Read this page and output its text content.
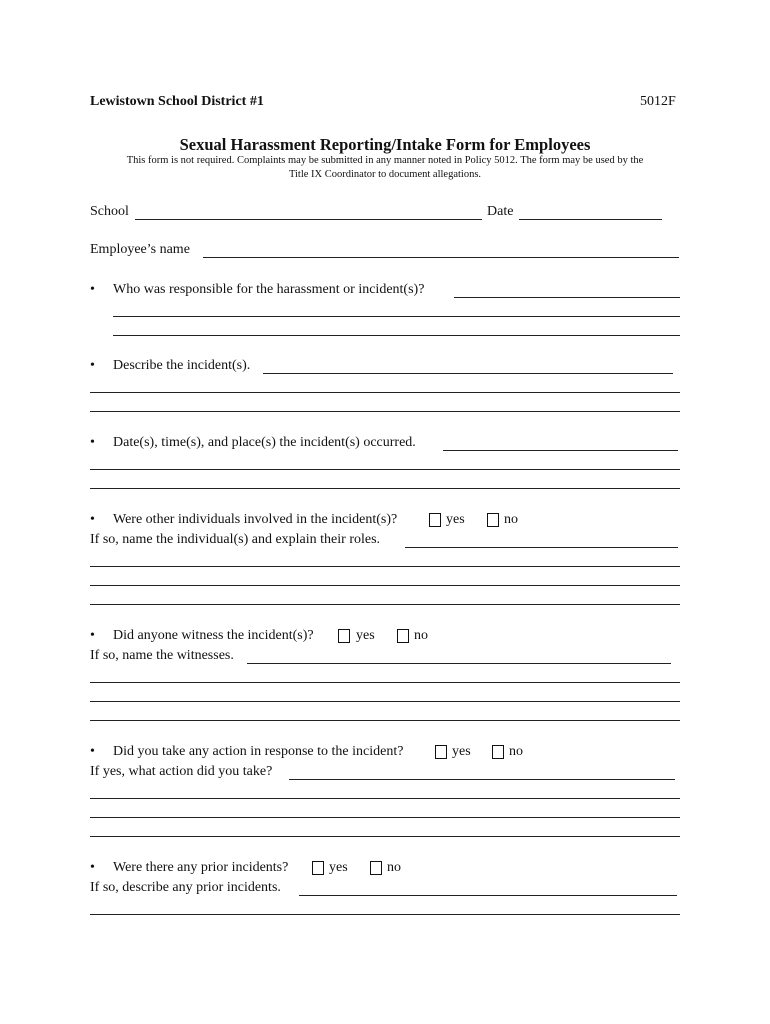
Lewistown School District #1	5012F
Sexual Harassment Reporting/Intake Form for Employees
This form is not required. Complaints may be submitted in any manner noted in Policy 5012. The form may be used by the
Title IX Coordinator to document allegations.
School	Date
Employee’s name
• Who was responsible for the harassment or incident(s)?
• Describe the incident(s).
• Date(s), time(s), and place(s) the incident(s) occurred.
• Were other individuals involved in the incident(s)?	yes	no
If so, name the individual(s) and explain their roles.
• Did anyone witness the incident(s)?	yes	no
If so, name the witnesses.
• Did you take any action in response to the incident?	yes	no
If yes, what action did you take?
• Were there any prior incidents?	yes	no
If so, describe any prior incidents.
